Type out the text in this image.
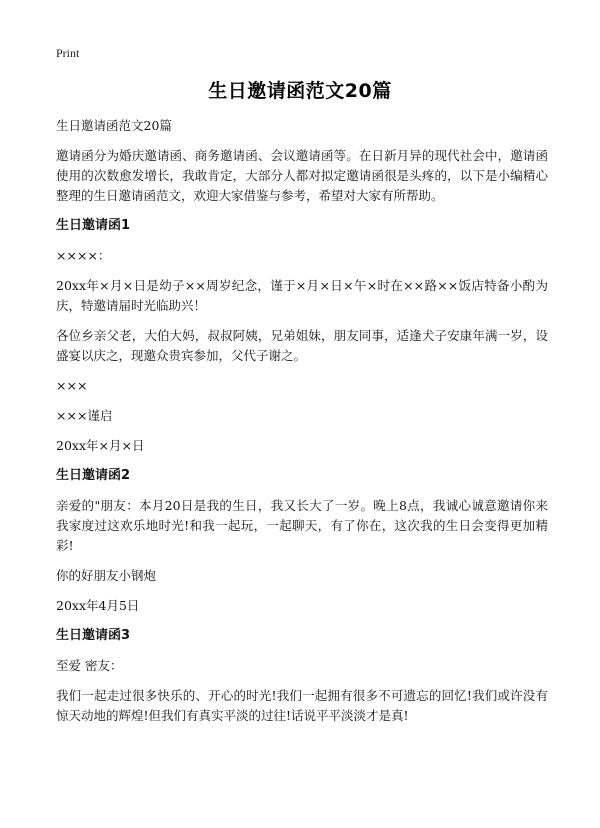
Print
生日邀请函范文20篇

生日邀请函范文20篇

邀请函分为婚庆邀请函、商务邀请函、会议邀请函等。在日新月异的现代社会中，邀请函使用的次数愈发增长，我敢肯定，大部分人都对拟定邀请函很是头疼的，以下是小编精心整理的生日邀请函范文，欢迎大家借鉴与参考，希望对大家有所帮助。

生日邀请函1

××××：

20xx年×月×日是幼子××周岁纪念，谨于×月×日×午×时在××路××饭店特备小酌为庆，特邀请届时光临助兴！

各位乡亲父老，大伯大妈，叔叔阿姨，兄弟姐妹，朋友同事，适逢犬子安康年满一岁，设盛宴以庆之，现邀众贵宾参加，父代子谢之。

×××

×××谨启

20xx年×月×日

生日邀请函2

亲爱的"朋友：本月20日是我的生日，我又长大了一岁。晚上8点，我诚心诚意邀请你来我家度过这欢乐地时光!和我一起玩，一起聊天，有了你在，这次我的生日会变得更加精彩!

你的好朋友小钢炮

20xx年4月5日

生日邀请函3

至爱 密友：

我们一起走过很多快乐的、开心的时光!我们一起拥有很多不可遗忘的回忆!我们或许没有惊天动地的辉煌!但我们有真实平淡的过往!话说平平淡淡才是真!
